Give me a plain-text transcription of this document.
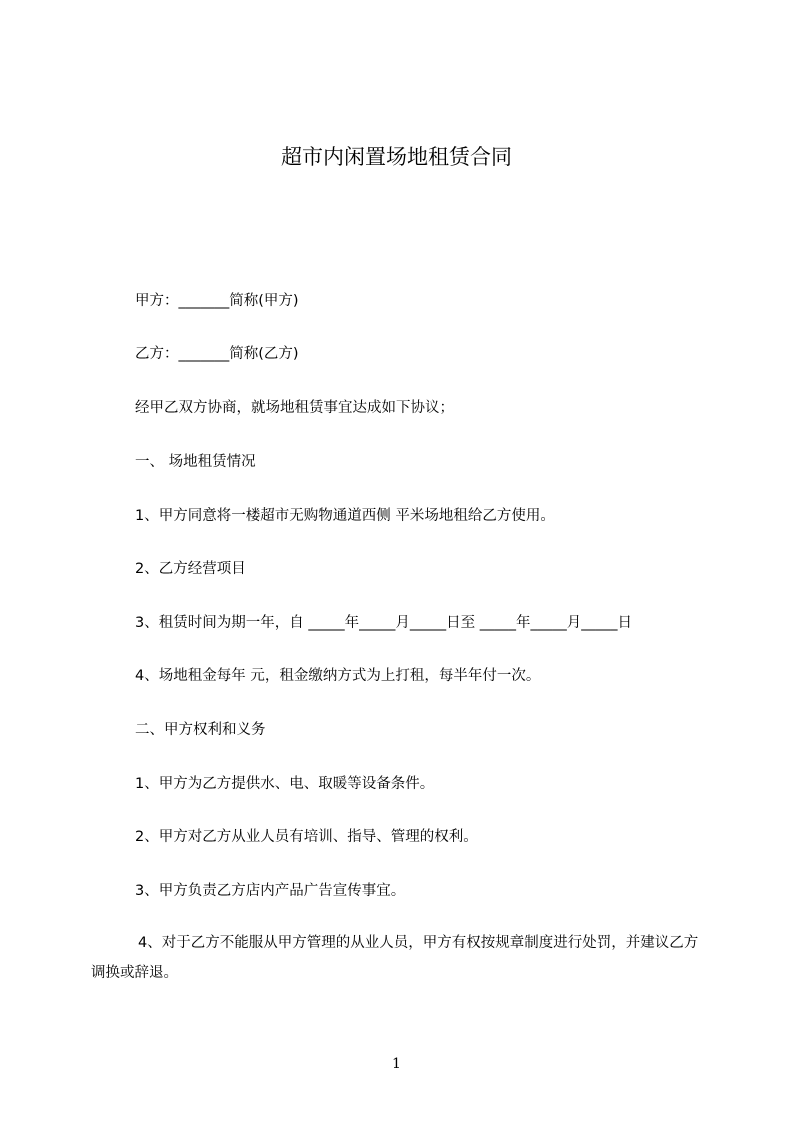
超市内闲置场地租赁合同
甲方：_______简称(甲方)
乙方：_______简称(乙方)
经甲乙双方协商，就场地租赁事宜达成如下协议；
一、 场地租赁情况
1、甲方同意将一楼超市无购物通道西侧 平米场地租给乙方使用。
2、乙方经营项目
3、租赁时间为期一年，自 _____年_____月_____日至 _____年_____月_____日
4、场地租金每年 元，租金缴纳方式为上打租，每半年付一次。
二、甲方权利和义务
1、甲方为乙方提供水、电、取暖等设备条件。
2、甲方对乙方从业人员有培训、指导、管理的权利。
3、甲方负责乙方店内产品广告宣传事宜。
4、对于乙方不能服从甲方管理的从业人员，甲方有权按规章制度进行处罚，并建议乙方调换或辞退。
1
